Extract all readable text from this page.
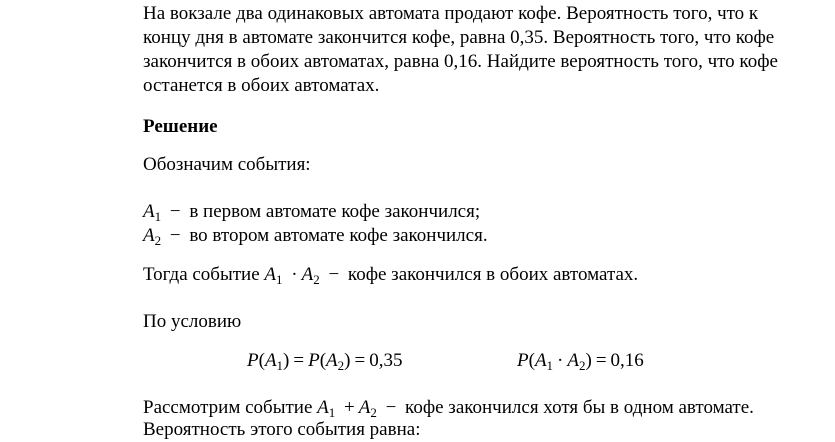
На вокзале два одинаковых автомата продают кофе. Вероятность того, что к
концу дня в автомате закончится кофе, равна 0,35. Вероятность того, что кофе
закончится в обоих автоматах, равна 0,16. Найдите вероятность того, что кофе
останется в обоих автоматах.
Решение
Обозначим события:
$A_1 - в$ первом автомате кофе закончился;
$A_2$ − во втором автомате кофе закончился.
Тогда событие $A_1 \cdot A_2$ − кофе закончился в обоих автоматах.
По условию
$P(A_1) = P(A_2) = 0,35$	$P(A_1 \cdot A_2) = 0,16$
Рассмотрим событие $A_1 + A_2$ − кофе закончился хотя бы в одном автомате.
Вероятность этого события равна:
